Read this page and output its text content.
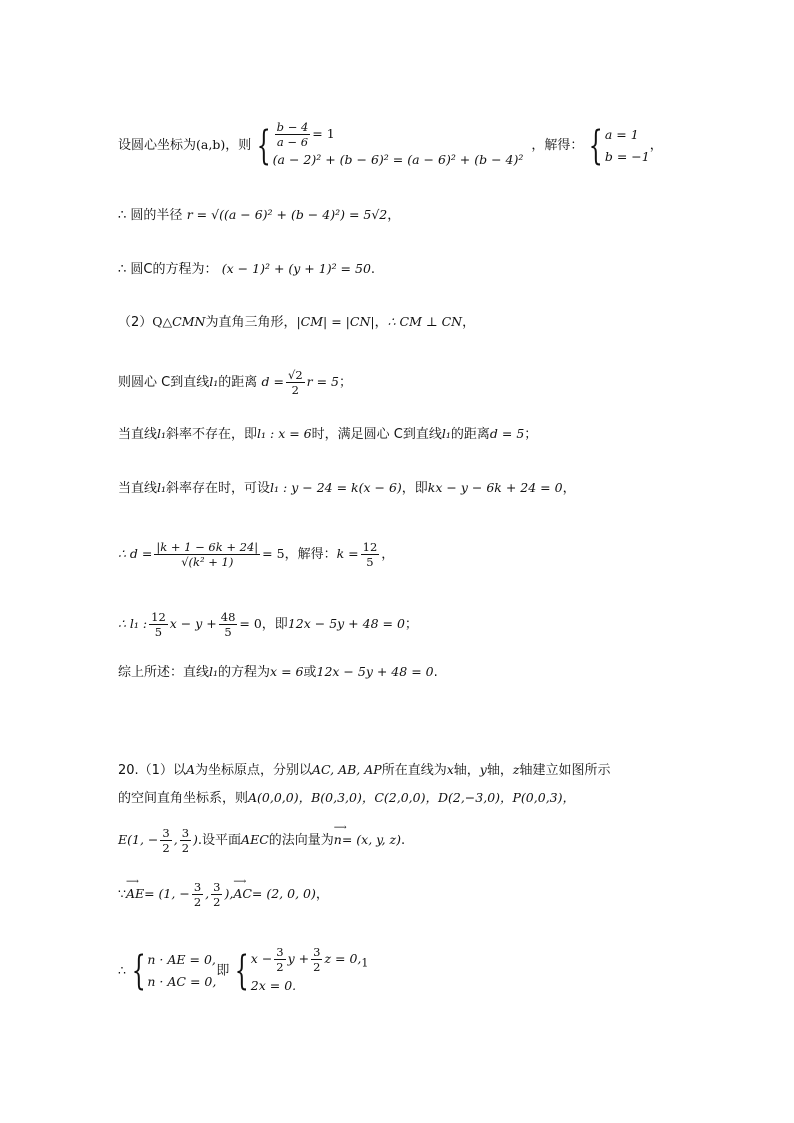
设圆心坐标为(a,b)，则 { $\frac{b - 4}{a - 6} = 1$
(a − 2)² + (b − 6)² = (a − 6)² + (b − 4)²
，解得： { a = 1
b = −1
，
∴ 圆的半径 r = √((a − 6)² + (b − 4)²) = 5√2，
∴ 圆C的方程为： (x − 1)² + (y + 1)² = 50.
（2）Q△CMN为直角三角形，|CM| = |CN|，∴ CM ⊥ CN，
则圆心 C到直线l₁的距离 $d = \frac{√2}{2}$ r = 5；
当直线l₁斜率不存在，即l₁ : x = 6时，满足圆心 C到直线l₁的距离d = 5；
当直线l₁斜率存在时，可设l₁ : y − 24 = k(x − 6)，即kx − y − 6k + 24 = 0，
∴ $d = \frac{|k + 1 - 6k + 24|}{\text{√(k² + 1)}} = 5$，解得：$k = \frac{12}{5}$ ，
∴ l₁ : $\frac{12}{5}$ $x - y + \frac{48}{5} = 0$，即12x − 5y + 48 = 0；
综上所述：直线l₁的方程为x = 6或12x − 5y + 48 = 0.
20.（1）以A为坐标原点，分别以AC, AB, AP所在直线为x轴，y轴，z轴建立如图所示
的空间直角坐标系，则A(0,0,0)，B(0,3,0)，C(2,0,0)，D(2,−3,0)，P(0,0,3)，
E(1, − $\frac{3}{2}$ , $\frac{3}{2}$ ).设平面AEC的法向量为⟶ n= (x, y, z).
∵⟶ AE= (1, − $\frac{3}{2}$ , $\frac{3}{2}$ ),⟶ AC= (2, 0, 0)，
∴ { n · AE = 0,
n · AC = 0,
即 { $x - \frac{3}{2}$ $y + \frac{3}{2}$ $z = 0,_1$
2x = 0.
